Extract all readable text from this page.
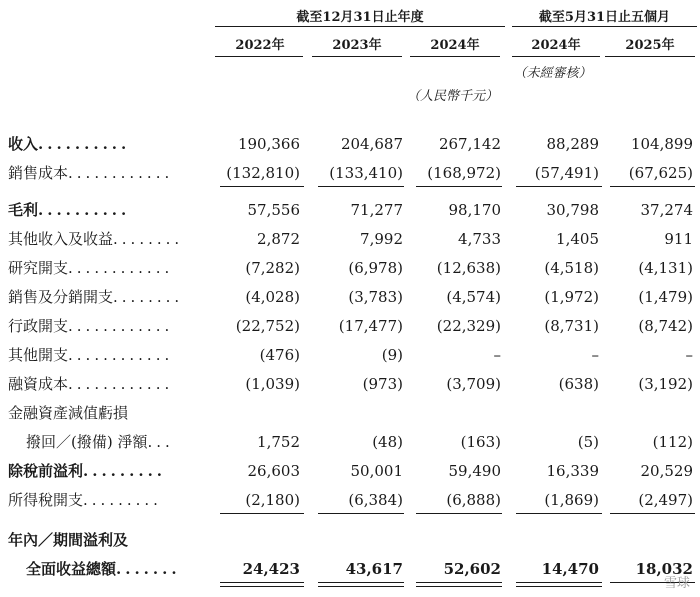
截至12月31日止年度	截至5月31日止五個月
2022年	2023年	2024年	2024年	2025年
（未經審核）
（人民幣千元）
收入..........	190,366	204,687 267,142	88,289 104,899
銷售成本............	(132,810) (133,410) (168,972) (57,491) (67,625)
毛利..........	57,556	71,277	98,170	30,798	37,274
其他收入及收益........	2,872	7,992	4,733	1,405	911
研究開支............	(7,282)	(6,978) (12,638)	(4,518)	(4,131)
銷售及分銷開支........	(4,028)	(3,783)	(4,574)	(1,972)	(1,479)
行政開支............	(22,752)	(17,477) (22,329)	(8,731)	(8,742)
其他開支............	(476)	(9)	–	–	–
融資成本............	(1,039)	(973)	(3,709)	(638)	(3,192)
金融資產減值虧損
撥回／(撥備) 淨額...	1,752	(48)	(163)	(5)	(112)
除稅前溢利.........	26,603	50,001	59,490	16,339	20,529
所得稅開支.........	(2,180)	(6,384)	(6,888)	(1,869)	(2,497)
年內／期間溢利及
全面收益總額.......	24,423	43,617	52,602	14,470 18,032
雪球
